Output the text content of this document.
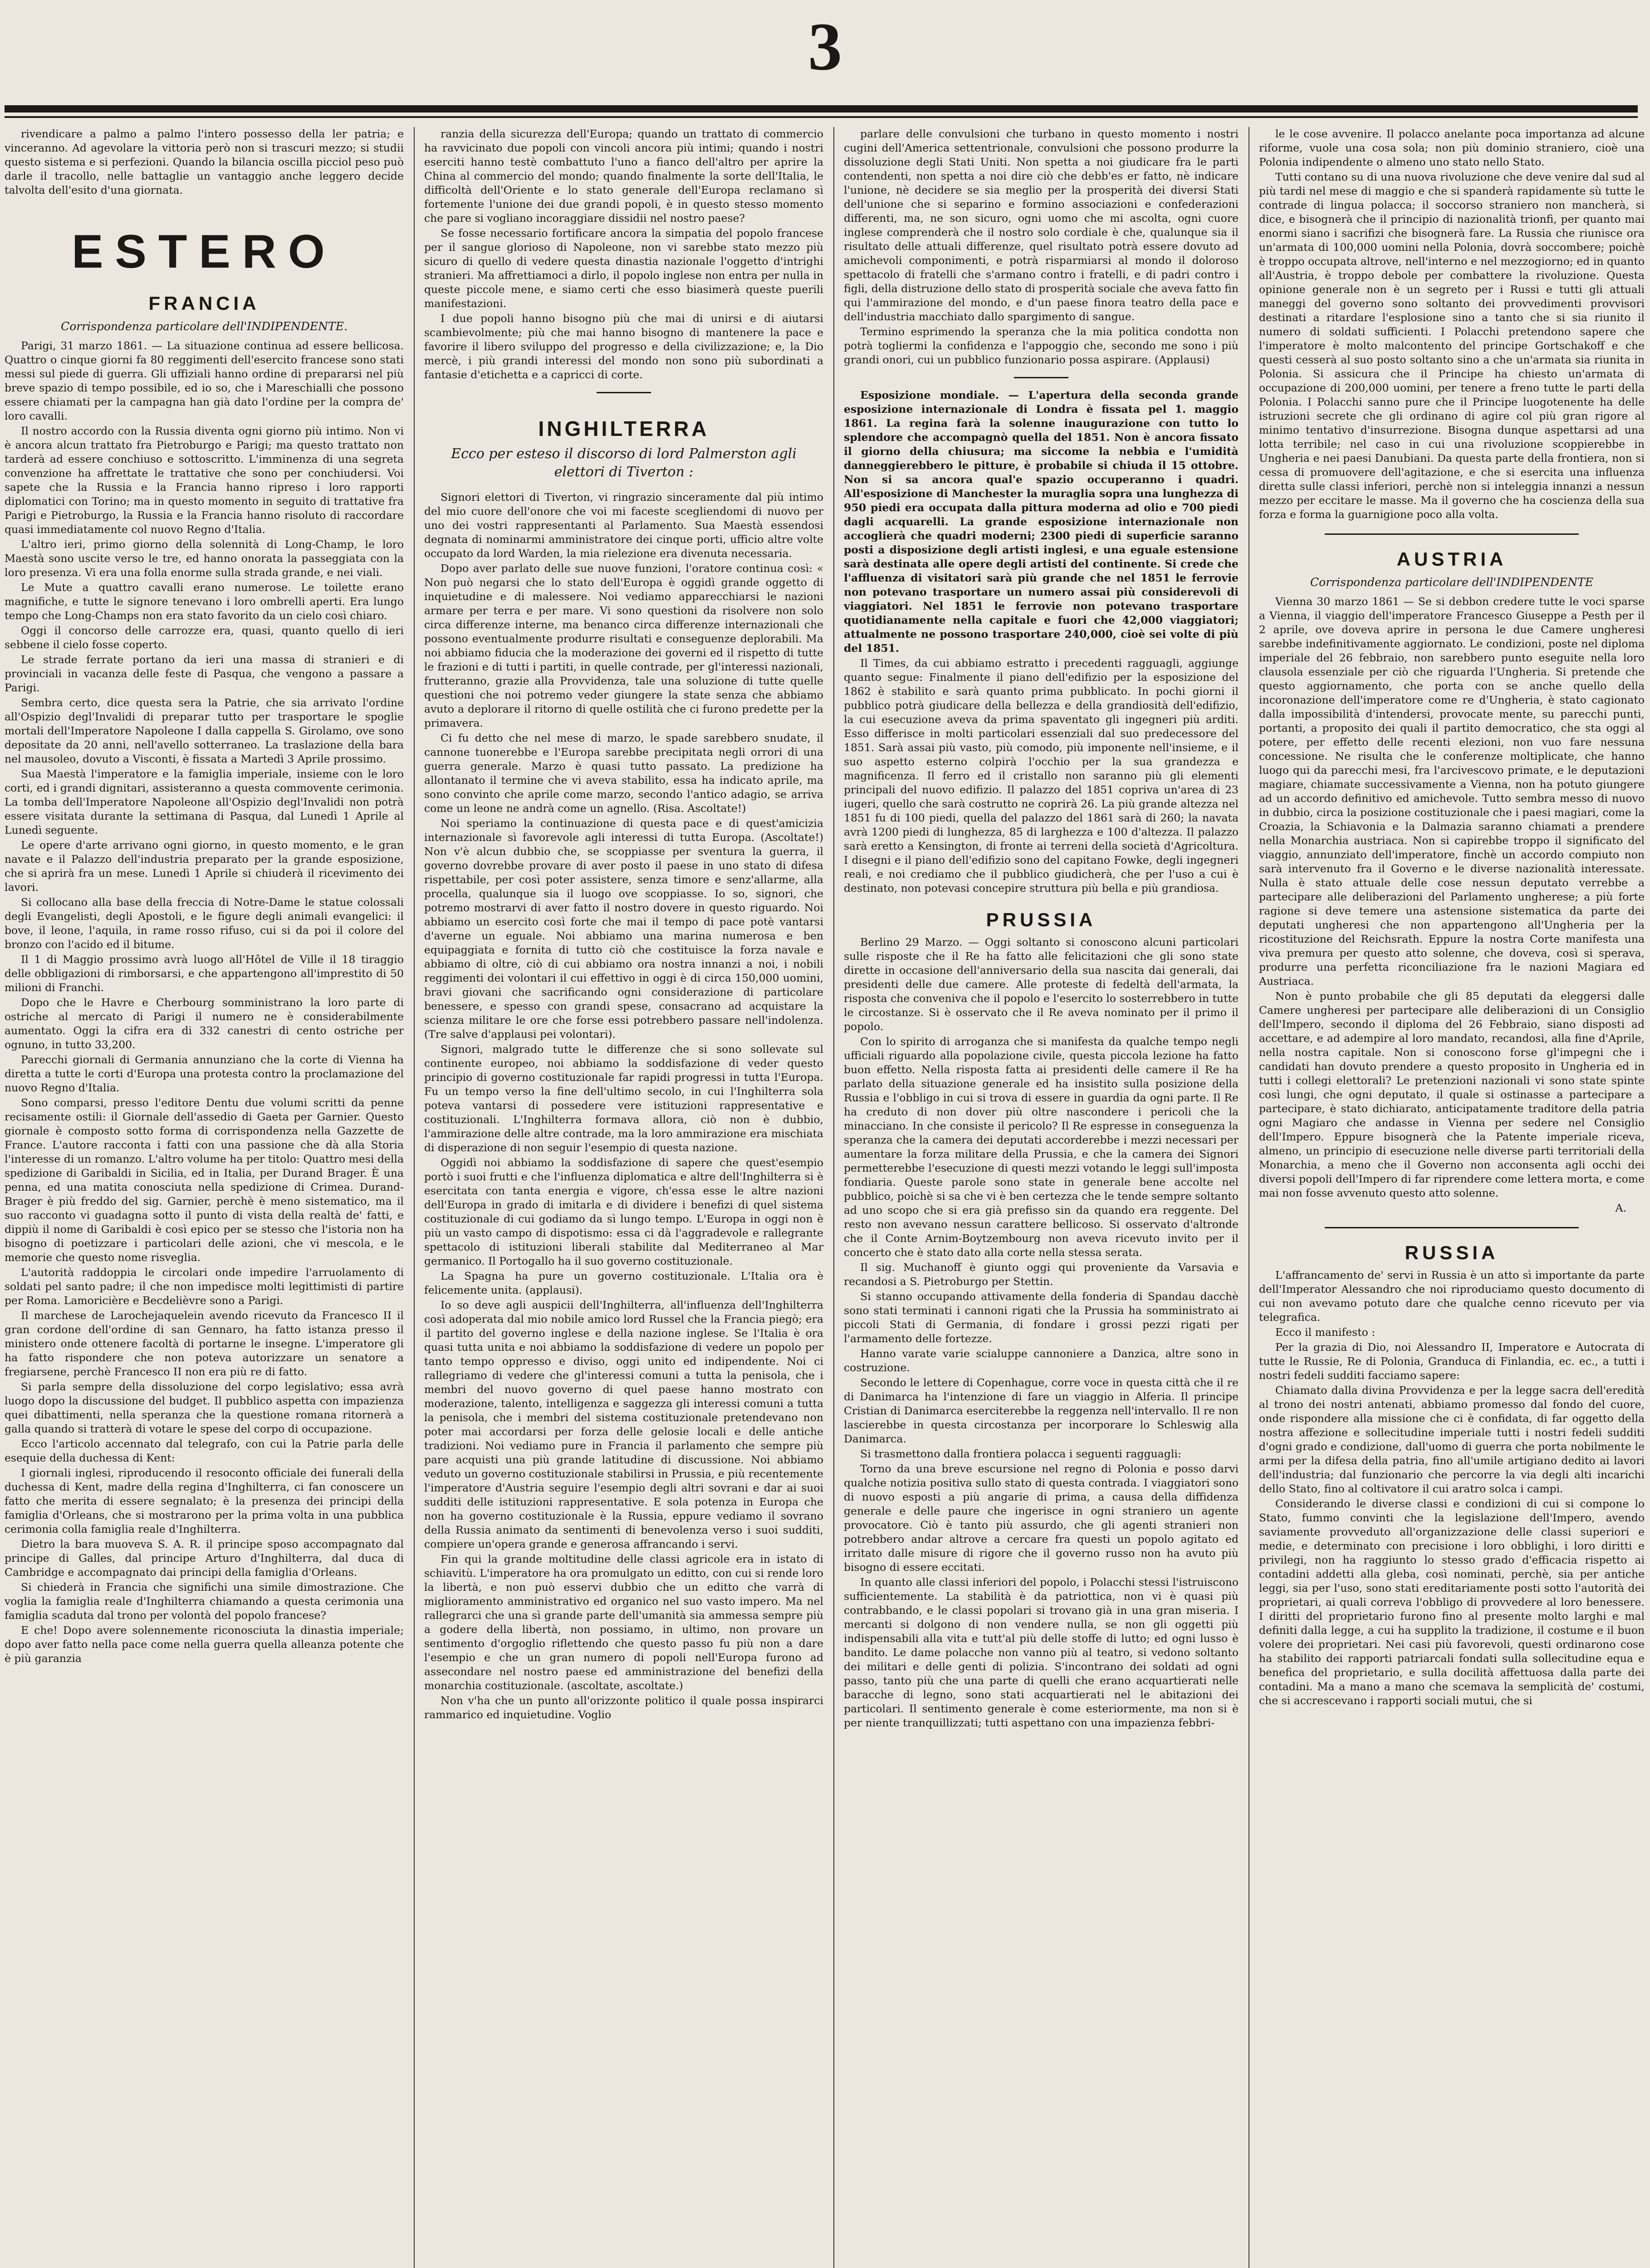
3

rivendicare a palmo a palmo l'intero possesso della ler patria; e vinceranno. Ad agevolare la vittoria però non si trascuri mezzo; si studii questo sistema e si perfezioni. Quando la bilancia oscilla picciol peso può darle il tracollo, nelle battaglie un vantaggio anche leggero decide talvolta dell'esito d'una giornata.

ESTERO
FRANCIA
Corrispondenza particolare dell'INDIPENDENTE.

Parigi, 31 marzo 1861. — La situazione continua ad essere bellicosa. Quattro o cinque giorni fa 80 reggimenti dell'esercito francese sono stati messi sul piede di guerra. Gli uffiziali hanno ordine di prepararsi nel più breve spazio di tempo possibile, ed io so, che i Mareschialli che possono essere chiamati per la campagna han già dato l'ordine per la compra de' loro cavalli.

Il nostro accordo con la Russia diventa ogni giorno più intimo. Non vi è ancora alcun trattato fra Pietroburgo e Parigi; ma questo trattato non tarderà ad essere conchiuso e sottoscritto. L'imminenza di una segreta convenzione ha affrettate le trattative che sono per conchiudersi. Voi sapete che la Russia e la Francia hanno ripreso i loro rapporti diplomatici con Torino; ma in questo momento in seguito di trattative fra Parigi e Pietroburgo, la Russia e la Francia hanno risoluto di raccordare quasi immediatamente col nuovo Regno d'Italia.

L'altro ieri, primo giorno della solennità di Long-Champ, le loro Maestà sono uscite verso le tre, ed hanno onorata la passeggiata con la loro presenza. Vi era una folla enorme sulla strada grande, e nei viali.

Le Mute a quattro cavalli erano numerose. Le toilette erano magnifiche, e tutte le signore tenevano i loro ombrelli aperti. Era lungo tempo che Long-Champs non era stato favorito da un cielo così chiaro.

Oggi il concorso delle carrozze era, quasi, quanto quello di ieri sebbene il cielo fosse coperto.

Le strade ferrate portano da ieri una massa di stranieri e di provinciali in vacanza delle feste di Pasqua, che vengono a passare a Parigi.

Sembra certo, dice questa sera la Patrie, che sia arrivato l'ordine all'Ospizio degl'Invalidi di preparar tutto per trasportare le spoglie mortali dell'Imperatore Napoleone I dalla cappella S. Girolamo, ove sono depositate da 20 anni, nell'avello sotterraneo. La traslazione della bara nel mausoleo, dovuto a Visconti, è fissata a Martedì 3 Aprile prossimo.

Sua Maestà l'imperatore e la famiglia imperiale, insieme con le loro corti, ed i grandi dignitari, assisteranno a questa commovente cerimonia. La tomba dell'Imperatore Napoleone all'Ospizio degl'Invalidi non potrà essere visitata durante la settimana di Pasqua, dal Lunedì 1 Aprile al Lunedì seguente.

Le opere d'arte arrivano ogni giorno, in questo momento, e le gran navate e il Palazzo dell'industria preparato per la grande esposizione, che si aprirà fra un mese. Lunedì 1 Aprile si chiuderà il ricevimento dei lavori.

Si collocano alla base della freccia di Notre-Dame le statue colossali degli Evangelisti, degli Apostoli, e le figure degli animali evangelici: il bove, il leone, l'aquila, in rame rosso rifuso, cui si da poi il colore del bronzo con l'acido ed il bitume.

Il 1 di Maggio prossimo avrà luogo all'Hôtel de Ville il 18 tiraggio delle obbligazioni di rimborsarsi, e che appartengono all'imprestito di 50 milioni di Franchi.

Dopo che le Havre e Cherbourg somministrano la loro parte di ostriche al mercato di Parigi il numero ne è considerabilmente aumentato. Oggi la cifra era di 332 canestri di cento ostriche per ognuno, in tutto 33,200.

Parecchi giornali di Germania annunziano che la corte di Vienna ha diretta a tutte le corti d'Europa una protesta contro la proclamazione del nuovo Regno d'Italia.

Sono comparsi, presso l'editore Dentu due volumi scritti da penne recisamente ostili: il Giornale dell'assedio di Gaeta per Garnier. Questo giornale è composto sotto forma di corrispondenza nella Gazzette de France. L'autore racconta i fatti con una passione che dà alla Storia l'interesse di un romanzo. L'altro volume ha per titolo: Quattro mesi della spedizione di Garibaldi in Sicilia, ed in Italia, per Durand Brager. È una penna, ed una matita conosciuta nella spedizione di Crimea. Durand-Brager è più freddo del sig. Garnier, perchè è meno sistematico, ma il suo racconto vi guadagna sotto il punto di vista della realtà de' fatti, e dippiù il nome di Garibaldi è così epico per se stesso che l'istoria non ha bisogno di poetizzare i particolari delle azioni, che vi mescola, e le memorie che questo nome risveglia.

L'autorità raddoppia le circolari onde impedire l'arruolamento di soldati pel santo padre; il che non impedisce molti legittimisti di partire per Roma. Lamoricière e Becdelièvre sono a Parigi.

Il marchese de Larochejaquelein avendo ricevuto da Francesco II il gran cordone dell'ordine di san Gennaro, ha fatto istanza presso il ministero onde ottenere facoltà di portarne le insegne. L'imperatore gli ha fatto rispondere che non poteva autorizzare un senatore a fregiarsene, perchè Francesco II non era più re di fatto.

Si parla sempre della dissoluzione del corpo legislativo; essa avrà luogo dopo la discussione del budget. Il pubblico aspetta con impazienza quei dibattimenti, nella speranza che la questione romana ritornerà a galla quando si tratterà di votare le spese del corpo di occupazione.

Ecco l'articolo accennato dal telegrafo, con cui la Patrie parla delle esequie della duchessa di Kent:

I giornali inglesi, riproducendo il resoconto officiale dei funerali della duchessa di Kent, madre della regina d'Inghilterra, ci fan conoscere un fatto che merita di essere segnalato; è la presenza dei principi della famiglia d'Orleans, che si mostrarono per la prima volta in una pubblica cerimonia colla famiglia reale d'Inghilterra.

Dietro la bara muoveva S. A. R. il principe sposo accompagnato dal principe di Galles, dal principe Arturo d'Inghilterra, dal duca di Cambridge e accompagnato dai principi della famiglia d'Orleans.

Si chiederà in Francia che significhi una simile dimostrazione. Che voglia la famiglia reale d'Inghilterra chiamando a questa cerimonia una famiglia scaduta dal trono per volontà del popolo francese?

E che! Dopo avere solennemente riconosciuta la dinastia imperiale; dopo aver fatto nella pace come nella guerra quella alleanza potente che è più garanzia

ranzia della sicurezza dell'Europa; quando un trattato di commercio ha ravvicinato due popoli con vincoli ancora più intimi; quando i nostri eserciti hanno testè combattuto l'uno a fianco dell'altro per aprire la China al commercio del mondo; quando finalmente la sorte dell'Italia, le difficoltà dell'Oriente e lo stato generale dell'Europa reclamano sì fortemente l'unione dei due grandi popoli, è in questo stesso momento che pare si vogliano incoraggiare dissidii nel nostro paese?

Se fosse necessario fortificare ancora la simpatia del popolo francese per il sangue glorioso di Napoleone, non vi sarebbe stato mezzo più sicuro di quello di vedere questa dinastia nazionale l'oggetto d'intrighi stranieri. Ma affrettiamoci a dirlo, il popolo inglese non entra per nulla in queste piccole mene, e siamo certi che esso biasimerà queste puerili manifestazioni.

I due popoli hanno bisogno più che mai di unirsi e di aiutarsi scambievolmente; più che mai hanno bisogno di mantenere la pace e favorire il libero sviluppo del progresso e della civilizzazione; e, la Dio mercè, i più grandi interessi del mondo non sono più subordinati a fantasie d'etichetta e a capricci di corte.

INGHILTERRA
Ecco per esteso il discorso di lord Palmerston agli elettori di Tiverton :

Signori elettori di Tiverton, vi ringrazio sinceramente dal più intimo del mio cuore dell'onore che voi mi faceste scegliendomi di nuovo per uno dei vostri rappresentanti al Parlamento. Sua Maestà essendosi degnata di nominarmi amministratore dei cinque porti, ufficio altre volte occupato da lord Warden, la mia rielezione era divenuta necessaria.

Dopo aver parlato delle sue nuove funzioni, l'oratore continua così: « Non può negarsi che lo stato dell'Europa è oggidì grande oggetto di inquietudine e di malessere. Noi vediamo apparecchiarsi le nazioni armare per terra e per mare. Vi sono questioni da risolvere non solo circa differenze interne, ma benanco circa differenze internazionali che possono eventualmente produrre risultati e conseguenze deplorabili. Ma noi abbiamo fiducia che la moderazione dei governi ed il rispetto di tutte le frazioni e di tutti i partiti, in quelle contrade, per gl'interessi nazionali, frutteranno, grazie alla Provvidenza, tale una soluzione di tutte quelle questioni che noi potremo veder giungere la state senza che abbiamo avuto a deplorare il ritorno di quelle ostilità che ci furono predette per la primavera.

Ci fu detto che nel mese di marzo, le spade sarebbero snudate, il cannone tuonerebbe e l'Europa sarebbe precipitata negli orrori di una guerra generale. Marzo è quasi tutto passato. La predizione ha allontanato il termine che vi aveva stabilito, essa ha indicato aprile, ma sono convinto che aprile come marzo, secondo l'antico adagio, se arriva come un leone ne andrà come un agnello. (Risa. Ascoltate!)

Noi speriamo la continuazione di questa pace e di quest'amicizia internazionale sì favorevole agli interessi di tutta Europa. (Ascoltate!) Non v'è alcun dubbio che, se scoppiasse per sventura la guerra, il governo dovrebbe provare di aver posto il paese in uno stato di difesa rispettabile, per così poter assistere, senza timore e senz'allarme, alla procella, qualunque sia il luogo ove scoppiasse. Io so, signori, che potremo mostrarvi di aver fatto il nostro dovere in questo riguardo. Noi abbiamo un esercito così forte che mai il tempo di pace potè vantarsi d'averne un eguale. Noi abbiamo una marina numerosa e ben equipaggiata e fornita di tutto ciò che costituisce la forza navale e abbiamo di oltre, ciò di cui abbiamo ora nostra innanzi a noi, i nobili reggimenti dei volontari il cui effettivo in oggi è di circa 150,000 uomini, bravi giovani che sacrificando ogni considerazione di particolare benessere, e spesso con grandi spese, consacrano ad acquistare la scienza militare le ore che forse essi potrebbero passare nell'indolenza. (Tre salve d'applausi pei volontari).

Signori, malgrado tutte le differenze che si sono sollevate sul continente europeo, noi abbiamo la soddisfazione di veder questo principio di governo costituzionale far rapidi progressi in tutta l'Europa. Fu un tempo verso la fine dell'ultimo secolo, in cui l'Inghilterra sola poteva vantarsi di possedere vere istituzioni rappresentative e costituzionali. L'Inghilterra formava allora, ciò non è dubbio, l'ammirazione delle altre contrade, ma la loro ammirazione era mischiata di disperazione di non seguir l'esempio di questa nazione.

Oggidì noi abbiamo la soddisfazione di sapere che quest'esempio portò i suoi frutti e che l'influenza diplomatica e altre dell'Inghilterra si è esercitata con tanta energia e vigore, ch'essa esse le altre nazioni dell'Europa in grado di imitarla e di dividere i benefizi di quel sistema costituzionale di cui godiamo da sì lungo tempo. L'Europa in oggi non è più un vasto campo di dispotismo: essa ci dà l'aggradevole e rallegrante spettacolo di istituzioni liberali stabilite dal Mediterraneo al Mar germanico. Il Portogallo ha il suo governo costituzionale.

La Spagna ha pure un governo costituzionale. L'Italia ora è felicemente unita. (applausi).

Io so deve agli auspicii dell'Inghilterra, all'influenza dell'Inghilterra così adoperata dal mio nobile amico lord Russel che la Francia piegò; era il partito del governo inglese e della nazione inglese. Se l'Italia è ora quasi tutta unita e noi abbiamo la soddisfazione di vedere un popolo per tanto tempo oppresso e diviso, oggi unito ed indipendente. Noi ci rallegriamo di vedere che gl'interessi comuni a tutta la penisola, che i membri del nuovo governo di quel paese hanno mostrato con moderazione, talento, intelligenza e saggezza gli interessi comuni a tutta la penisola, che i membri del sistema costituzionale pretendevano non poter mai accordarsi per forza delle gelosie locali e delle antiche tradizioni. Noi vediamo pure in Francia il parlamento che sempre più pare acquisti una più grande latitudine di discussione. Noi abbiamo veduto un governo costituzionale stabilirsi in Prussia, e più recentemente l'imperatore d'Austria seguire l'esempio degli altri sovrani e dar ai suoi sudditi delle istituzioni rappresentative. E sola potenza in Europa che non ha governo costituzionale è la Russia, eppure vediamo il sovrano della Russia animato da sentimenti di benevolenza verso i suoi sudditi, compiere un'opera grande e generosa affrancando i servi.

Fin qui la grande moltitudine delle classi agricole era in istato di schiavitù. L'imperatore ha ora promulgato un editto, con cui si rende loro la libertà, e non può esservi dubbio che un editto che varrà di miglioramento amministrativo ed organico nel suo vasto impero. Ma nel rallegrarci che una sì grande parte dell'umanità sia ammessa sempre più a godere della libertà, non possiamo, in ultimo, non provare un sentimento d'orgoglio riflettendo che questo passo fu più non a dare l'esempio e che un gran numero di popoli nell'Europa furono ad assecondare nel nostro paese ed amministrazione del benefizi della monarchia costituzionale. (ascoltate, ascoltate.)

Non v'ha che un punto all'orizzonte politico il quale possa inspirarci rammarico ed inquietudine. Voglio

parlare delle convulsioni che turbano in questo momento i nostri cugini dell'America settentrionale, convulsioni che possono produrre la dissoluzione degli Stati Uniti. Non spetta a noi giudicare fra le parti contendenti, non spetta a noi dire ciò che debb'es er fatto, nè indicare l'unione, nè decidere se sia meglio per la prosperità dei diversi Stati dell'unione che si separino e formino associazioni e confederazioni differenti, ma, ne son sicuro, ogni uomo che mi ascolta, ogni cuore inglese comprenderà che il nostro solo cordiale è che, qualunque sia il risultato delle attuali differenze, quel risultato potrà essere dovuto ad amichevoli componimenti, e potrà risparmiarsi al mondo il doloroso spettacolo di fratelli che s'armano contro i fratelli, e di padri contro i figli, della distruzione dello stato di prosperità sociale che aveva fatto fin qui l'ammirazione del mondo, e d'un paese finora teatro della pace e dell'industria macchiato dallo spargimento di sangue.

Termino esprimendo la speranza che la mia politica condotta non potrà togliermi la confidenza e l'appoggio che, secondo me sono i più grandi onori, cui un pubblico funzionario possa aspirare. (Applausi)

Esposizione mondiale. — L'apertura della seconda grande esposizione internazionale di Londra è fissata pel 1. maggio 1861. La regina farà la solenne inaugurazione con tutto lo splendore che accompagnò quella del 1851. Non è ancora fissato il giorno della chiusura; ma siccome la nebbia e l'umidità danneggierebbero le pitture, è probabile si chiuda il 15 ottobre. Non si sa ancora qual'e spazio occuperanno i quadri. All'esposizione di Manchester la muraglia sopra una lunghezza di 950 piedi era occupata dalla pittura moderna ad olio e 700 piedi dagli acquarelli. La grande esposizione internazionale non accoglierà che quadri moderni; 2300 piedi di superficie saranno posti a disposizione degli artisti inglesi, e una eguale estensione sarà destinata alle opere degli artisti del continente. Si crede che l'affluenza di visitatori sarà più grande che nel 1851 le ferrovie non potevano trasportare un numero assai più considerevoli di viaggiatori. Nel 1851 le ferrovie non potevano trasportare quotidianamente nella capitale e fuori che 42,000 viaggiatori; attualmente ne possono trasportare 240,000, cioè sei volte di più del 1851.

Il Times, da cui abbiamo estratto i precedenti ragguagli, aggiunge quanto segue: Finalmente il piano dell'edifizio per la esposizione del 1862 è stabilito e sarà quanto prima pubblicato. In pochi giorni il pubblico potrà giudicare della bellezza e della grandiosità dell'edifizio, la cui esecuzione aveva da prima spaventato gli ingegneri più arditi. Esso differisce in molti particolari essenziali dal suo predecessore del 1851. Sarà assai più vasto, più comodo, più imponente nell'insieme, e il suo aspetto esterno colpirà l'occhio per la sua grandezza e magnificenza. Il ferro ed il cristallo non saranno più gli elementi principali del nuovo edifizio. Il palazzo del 1851 copriva un'area di 23 iugeri, quello che sarà costrutto ne coprirà 26. La più grande altezza nel 1851 fu di 100 piedi, quella del palazzo del 1861 sarà di 260; la navata avrà 1200 piedi di lunghezza, 85 di larghezza e 100 d'altezza. Il palazzo sarà eretto a Kensington, di fronte ai terreni della società d'Agricoltura. I disegni e il piano dell'edifizio sono del capitano Fowke, degli ingegneri reali, e noi crediamo che il pubblico giudicherà, che per l'uso a cui è destinato, non potevasi concepire struttura più bella e più grandiosa.

PRUSSIA

Berlino 29 Marzo. — Oggi soltanto si conoscono alcuni particolari sulle risposte che il Re ha fatto alle felicitazioni che gli sono state dirette in occasione dell'anniversario della sua nascita dai generali, dai presidenti delle due camere. Alle proteste di fedeltà dell'armata, la risposta che conveniva che il popolo e l'esercito lo sosterrebbero in tutte le circostanze. Si è osservato che il Re aveva nominato per il primo il popolo.

Con lo spirito di arroganza che si manifesta da qualche tempo negli ufficiali riguardo alla popolazione civile, questa piccola lezione ha fatto buon effetto. Nella risposta fatta ai presidenti delle camere il Re ha parlato della situazione generale ed ha insistito sulla posizione della Russia e l'obbligo in cui si trova di essere in guardia da ogni parte. Il Re ha creduto di non dover più oltre nascondere i pericoli che la minacciano. In che consiste il pericolo? Il Re espresse in conseguenza la speranza che la camera dei deputati accorderebbe i mezzi necessari per aumentare la forza militare della Prussia, e che la camera dei Signori permetterebbe l'esecuzione di questi mezzi votando le leggi sull'imposta fondiaria. Queste parole sono state in generale bene accolte nel pubblico, poichè si sa che vi è ben certezza che le tende sempre soltanto ad uno scopo che si era già prefisso sin da quando era reggente. Del resto non avevano nessun carattere bellicoso. Si osservato d'altronde che il Conte Arnim-Boytzembourg non aveva ricevuto invito per il concerto che è stato dato alla corte nella stessa serata.

Il sig. Muchanoff è giunto oggi qui proveniente da Varsavia e recandosi a S. Pietroburgo per Stettin.

Si stanno occupando attivamente della fonderia di Spandau dacchè sono stati terminati i cannoni rigati che la Prussia ha somministrato ai piccoli Stati di Germania, di fondare i grossi pezzi rigati per l'armamento delle fortezze.

Hanno varate varie scialuppe cannoniere a Danzica, altre sono in costruzione.

Secondo le lettere di Copenhague, corre voce in questa città che il re di Danimarca ha l'intenzione di fare un viaggio in Alferia. Il principe Cristian di Danimarca eserciterebbe la reggenza nell'intervallo. Il re non lascierebbe in questa circostanza per incorporare lo Schleswig alla Danimarca.

Si trasmettono dalla frontiera polacca i seguenti ragguagli:

Torno da una breve escursione nel regno di Polonia e posso darvi qualche notizia positiva sullo stato di questa contrada. I viaggiatori sono di nuovo esposti a più angarie di prima, a causa della diffidenza generale e delle paure che ingerisce in ogni straniero un agente provocatore. Ciò è tanto più assurdo, che gli agenti stranieri non potrebbero andar altrove a cercare fra questi un popolo agitato ed irritato dalle misure di rigore che il governo russo non ha avuto più bisogno di essere eccitati.

In quanto alle classi inferiori del popolo, i Polacchi stessi l'istruiscono sufficientemente. La stabilità è da patriottica, non vi è quasi più contrabbando, e le classi popolari si trovano già in una gran miseria. I mercanti si dolgono di non vendere nulla, se non gli oggetti più indispensabili alla vita e tutt'al più delle stoffe di lutto; ed ogni lusso è bandito. Le dame polacche non vanno più al teatro, si vedono soltanto dei militari e delle genti di polizia. S'incontrano dei soldati ad ogni passo, tanto più che una parte di quelli che erano acquartierati nelle baracche di legno, sono stati acquartierati nel le abitazioni dei particolari. Il sentimento generale è come esteriormente, ma non si è per niente tranquillizzati; tutti aspettano con una impazienza febbri-

le le cose avvenire. Il polacco anelante poca importanza ad alcune riforme, vuole una cosa sola; non più dominio straniero, cioè una Polonia indipendente o almeno uno stato nello Stato.

Tutti contano su di una nuova rivoluzione che deve venire dal sud al più tardi nel mese di maggio e che si spanderà rapidamente sù tutte le contrade di lingua polacca; il soccorso straniero non mancherà, si dice, e bisognerà che il principio di nazionalità trionfi, per quanto mai enormi siano i sacrifizi che bisognerà fare. La Russia che riunisce ora un'armata di 100,000 uomini nella Polonia, dovrà soccombere; poichè è troppo occupata altrove, nell'interno e nel mezzogiorno; ed in quanto all'Austria, è troppo debole per combattere la rivoluzione. Questa opinione generale non è un segreto per i Russi e tutti gli attuali maneggi del governo sono soltanto dei provvedimenti provvisori destinati a ritardare l'esplosione sino a tanto che si sia riunito il numero di soldati sufficienti. I Polacchi pretendono sapere che l'imperatore è molto malcontento del principe Gortschakoff e che questi cesserà al suo posto soltanto sino a che un'armata sia riunita in Polonia. Si assicura che il Principe ha chiesto un'armata di occupazione di 200,000 uomini, per tenere a freno tutte le parti della Polonia. I Polacchi sanno pure che il Principe luogotenente ha delle istruzioni secrete che gli ordinano di agire col più gran rigore al minimo tentativo d'insurrezione. Bisogna dunque aspettarsi ad una lotta terribile; nel caso in cui una rivoluzione scoppierebbe in Ungheria e nei paesi Danubiani. Da questa parte della frontiera, non si cessa di promuovere dell'agitazione, e che si esercita una influenza diretta sulle classi inferiori, perchè non si inteleggia innanzi a nessun mezzo per eccitare le masse. Ma il governo che ha coscienza della sua forza e forma la guarnigione poco alla volta.

AUSTRIA
Corrispondenza particolare dell'INDIPENDENTE

Vienna 30 marzo 1861 — Se si debbon credere tutte le voci sparse a Vienna, il viaggio dell'imperatore Francesco Giuseppe a Pesth per il 2 aprile, ove doveva aprire in persona le due Camere ungheresi sarebbe indefinitivamente aggiornato. Le condizioni, poste nel diploma imperiale del 26 febbraio, non sarebbero punto eseguite nella loro clausola essenziale per ciò che riguarda l'Ungheria. Si pretende che questo aggiornamento, che porta con se anche quello della incoronazione dell'imperatore come re d'Ungheria, è stato cagionato dalla impossibilità d'intendersi, provocate mente, su parecchi punti, portanti, a proposito dei quali il partito democratico, che sta oggi al potere, per effetto delle recenti elezioni, non vuo fare nessuna concessione. Ne risulta che le conferenze moltiplicate, che hanno luogo qui da parecchi mesi, fra l'arcivescovo primate, e le deputazioni magiare, chiamate successivamente a Vienna, non ha potuto giungere ad un accordo definitivo ed amichevole. Tutto sembra messo di nuovo in dubbio, circa la posizione costituzionale che i paesi magiari, come la Croazia, la Schiavonia e la Dalmazia saranno chiamati a prendere nella Monarchia austriaca. Non si capirebbe troppo il significato del viaggio, annunziato dell'imperatore, finchè un accordo compiuto non sarà intervenuto fra il Governo e le diverse nazionalità interessate. Nulla è stato attuale delle cose nessun deputato verrebbe a partecipare alle deliberazioni del Parlamento ungherese; a più forte ragione si deve temere una astensione sistematica da parte dei deputati ungheresi che non appartengono all'Ungheria per la ricostituzione del Reichsrath. Eppure la nostra Corte manifesta una viva premura per questo atto solenne, che doveva, così si sperava, produrre una perfetta riconciliazione fra le nazioni Magiara ed Austriaca.

Non è punto probabile che gli 85 deputati da eleggersi dalle Camere ungheresi per partecipare alle deliberazioni di un Consiglio dell'Impero, secondo il diploma del 26 Febbraio, siano disposti ad accettare, e ad adempire al loro mandato, recandosi, alla fine d'Aprile, nella nostra capitale. Non si conoscono forse gl'impegni che i candidati han dovuto prendere a questo proposito in Ungheria ed in tutti i collegi elettorali? Le pretenzioni nazionali vi sono state spinte così lungi, che ogni deputato, il quale si ostinasse a partecipare a partecipare, è stato dichiarato, anticipatamente traditore della patria ogni Magiaro che andasse in Vienna per sedere nel Consiglio dell'Impero. Eppure bisognerà che la Patente imperiale riceva, almeno, un principio di esecuzione nelle diverse parti territoriali della Monarchia, a meno che il Governo non acconsenta agli occhi dei diversi popoli dell'Impero di far riprendere come lettera morta, e come mai non fosse avvenuto questo atto solenne.

A.

RUSSIA

L'affrancamento de' servi in Russia è un atto sì importante da parte dell'Imperator Alessandro che noi riproduciamo questo documento di cui non avevamo potuto dare che qualche cenno ricevuto per via telegrafica.

Ecco il manifesto :

Per la grazia di Dio, noi Alessandro II, Imperatore e Autocrata di tutte le Russie, Re di Polonia, Granduca di Finlandia, ec. ec., a tutti i nostri fedeli sudditi facciamo sapere:

Chiamato dalla divina Provvidenza e per la legge sacra dell'eredità al trono dei nostri antenati, abbiamo promesso dal fondo del cuore, onde rispondere alla missione che ci è confidata, di far oggetto della nostra affezione e sollecitudine imperiale tutti i nostri fedeli sudditi d'ogni grado e condizione, dall'uomo di guerra che porta nobilmente le armi per la difesa della patria, fino all'umile artigiano dedito ai lavori dell'industria; dal funzionario che percorre la via degli alti incarichi dello Stato, fino al coltivatore il cui aratro solca i campi.

Considerando le diverse classi e condizioni di cui si compone lo Stato, fummo convinti che la legislazione dell'Impero, avendo saviamente provveduto all'organizzazione delle classi superiori e medie, e determinato con precisione i loro obblighi, i loro diritti e privilegi, non ha raggiunto lo stesso grado d'efficacia rispetto ai contadini addetti alla gleba, così nominati, perchè, sia per antiche leggi, sia per l'uso, sono stati ereditariamente posti sotto l'autorità dei proprietari, ai quali correva l'obbligo di provvedere al loro benessere. I diritti del proprietario furono fino al presente molto larghi e mal definiti dalla legge, a cui ha supplito la tradizione, il costume e il buon volere dei proprietari. Nei casi più favorevoli, questi ordinarono cose ha stabilito dei rapporti patriarcali fondati sulla sollecitudine equa e benefica del proprietario, e sulla docilità affettuosa dalla parte dei contadini. Ma a mano a mano che scemava la semplicità de' costumi, che si accrescevano i rapporti sociali mutui, che si
